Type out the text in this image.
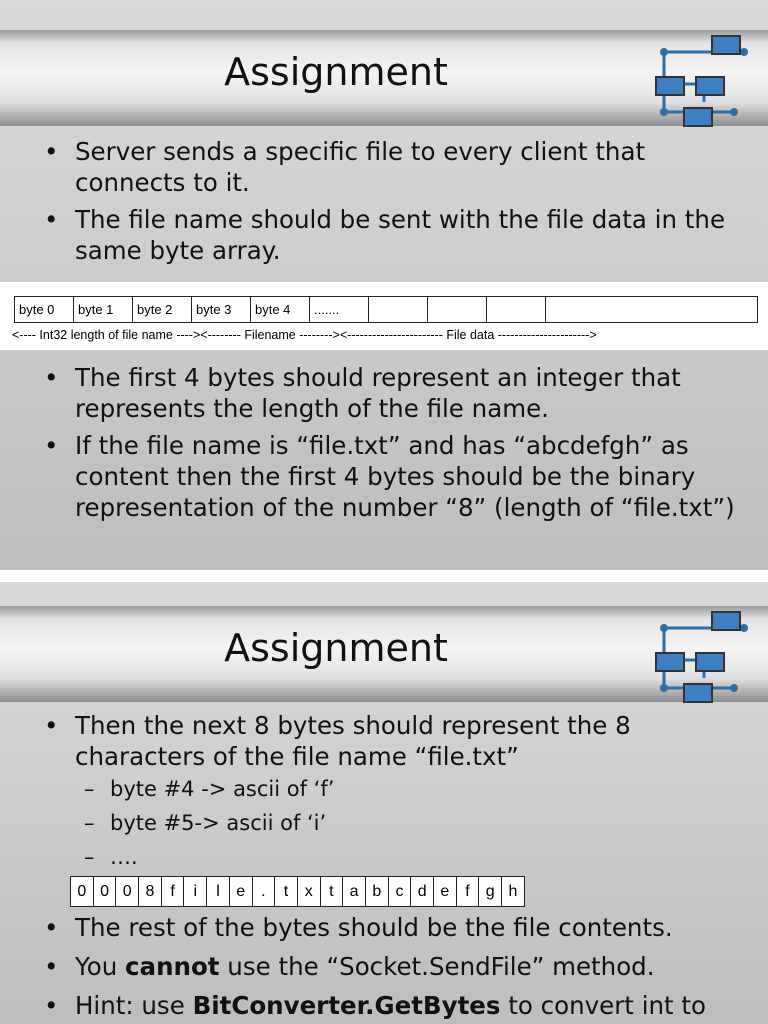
Assignment
• Server sends a specific file to every client that connects to it.
• The file name should be sent with the file data in the same byte array.
byte 0	byte 1	byte 2	byte 3	byte 4	.......				
<---- Int32 length of file name ----><-------- Filename --------><----------------------- File data ---------------------->
• The first 4 bytes should represent an integer that represents the length of the file name.
• If the file name is “file.txt” and has “abcdefgh” as content then the first 4 bytes should be the binary representation of the number “8” (length of “file.txt”)
Assignment
• Then the next 8 bytes should represent the 8 characters of the file name “file.txt”
– byte #4 -> ascii of ‘f’
– byte #5-> ascii of ‘i’
– ….
0	0	0	8	f	i	l	e	.	t	x	t	a	b	c	d	e	f	g	h
• The rest of the bytes should be the file contents.
• You cannot use the “Socket.SendFile” method.
• Hint: use BitConverter.GetBytes to convert int to
